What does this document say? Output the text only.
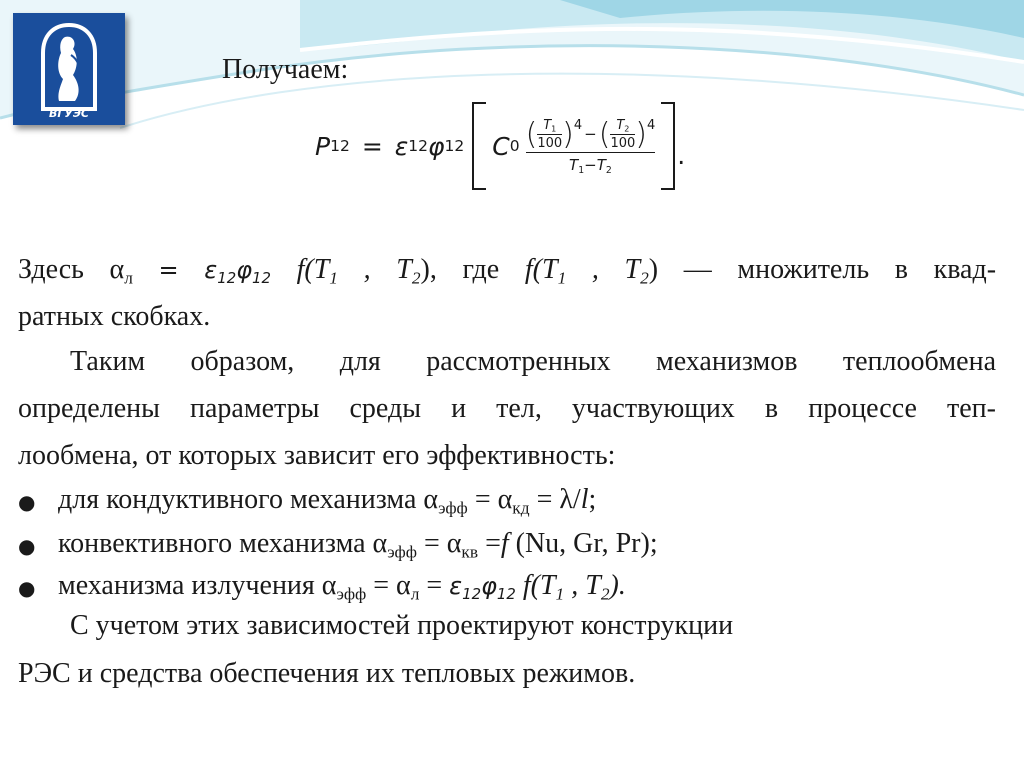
ВГУЭС
Получаем:
P 12 = ε 12 φ 12 C 0 ( $\frac{T_1}{100}$ ) 4 − ( $\frac{T_2}{100}$ ) 4
$T_1-T_2$
.
Здесь $\alpha_л = \varepsilon_{12}\varphi_{12}$ $f(T_1$ , $T_2$), где $f(T_1$ , $T_2$) — множитель в квад-
ратных скобках.
Таким образом, для рассмотренных механизмов теплообмена
определены параметры среды и тел, участвующих в процессе теп-
лообмена, от которых зависит его эффективность:
● для кондуктивного механизма $\alpha_{эфф} = \alpha_{кд} = \lambda/l$;
● конвективного механизма $\alpha_{эфф} = \alpha_{кв} =f$ (Nu, Gr, Pr);
● механизма излучения $\alpha_{эфф} = \alpha_л = \varepsilon_{12}\varphi_{12}$ $f(T_1$ , $T_2$).
С учетом этих зависимостей проектируют конструкции
РЭС и средства обеспечения их тепловых режимов.
